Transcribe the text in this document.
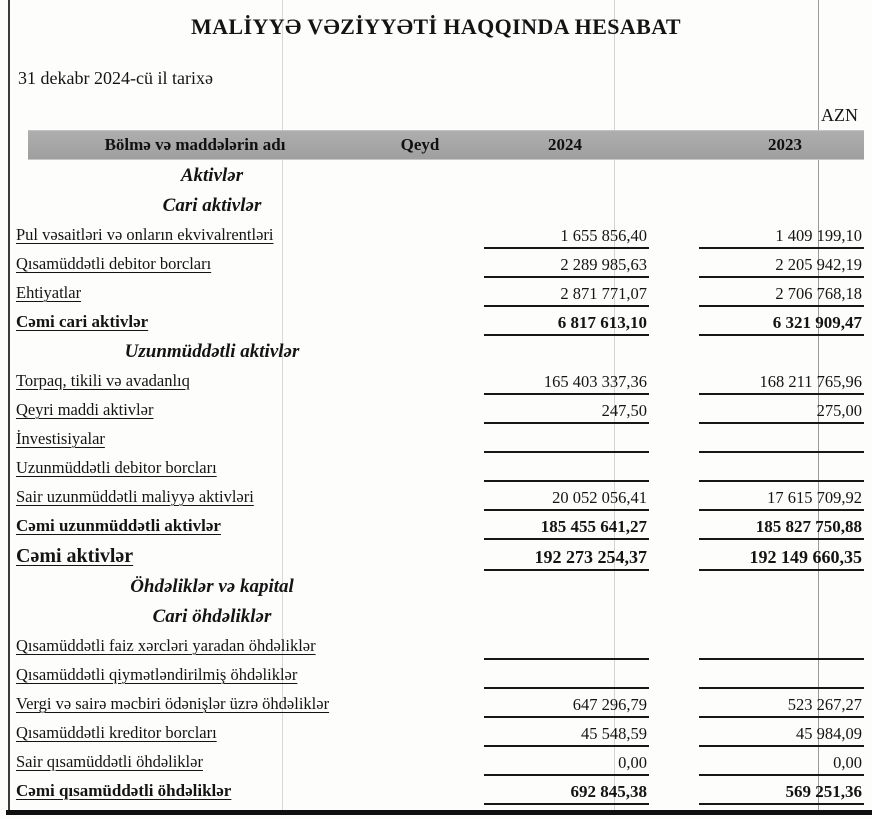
MALİYYƏ VƏZİYYƏTİ HAQQINDA HESABAT
31 dekabr 2024-cü il tarixə
AZN
Bölmə və maddələrin adı	Qeyd	2024	2023
Aktivlər
Cari aktivlər
Pul vəsaitləri və onların ekvivalrentləri	1 655 856,40	1 409 199,10
Qısamüddətli debitor borcları	2 289 985,63	2 205 942,19
Ehtiyatlar	2 871 771,07	2 706 768,18
Cəmi cari aktivlər	6 817 613,10	6 321 909,47
Uzunmüddətli aktivlər
Torpaq, tikili və avadanlıq	165 403 337,36	168 211 765,96
Qeyri maddi aktivlər	247,50	275,00
İnvestisiyalar
Uzunmüddətli debitor borcları
Sair uzunmüddətli maliyyə aktivləri	20 052 056,41	17 615 709,92
Cəmi uzunmüddətli aktivlər	185 455 641,27	185 827 750,88
Cəmi aktivlər	192 273 254,37	192 149 660,35
Öhdəliklər və kapital
Cari öhdəliklər
Qısamüddətli faiz xərcləri yaradan öhdəliklər
Qısamüddətli qiymətləndirilmiş öhdəliklər
Vergi və sairə məcbiri ödənişlər üzrə öhdəliklər	647 296,79	523 267,27
Qısamüddətli kreditor borcları	45 548,59	45 984,09
Sair qısamüddətli öhdəliklər	0,00	0,00
Cəmi qısamüddətli öhdəliklər	692 845,38	569 251,36
